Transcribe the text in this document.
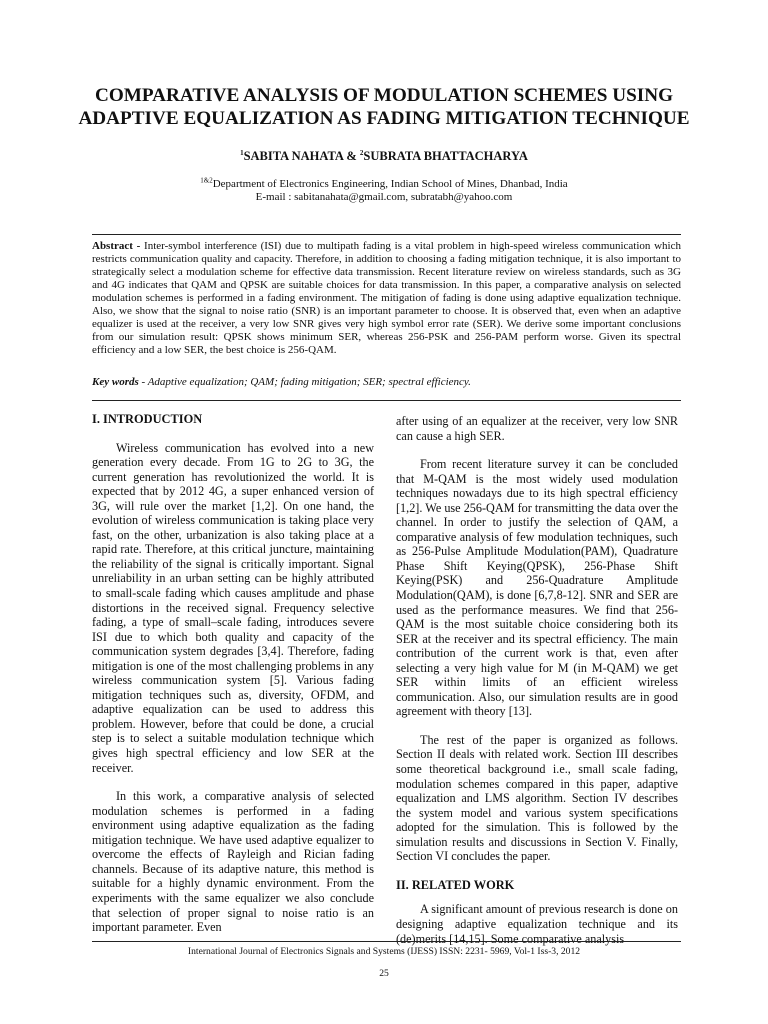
COMPARATIVE ANALYSIS OF MODULATION SCHEMES USING
ADAPTIVE EQUALIZATION AS FADING MITIGATION TECHNIQUE
$^1$SABITA NAHATA & $^2$SUBRATA BHATTACHARYA
$^{1\&2}$Department of Electronics Engineering, Indian School of Mines, Dhanbad, India
E-mail : sabitanahata@gmail.com, subratabh@yahoo.com
Abstract - Inter-symbol interference (ISI) due to multipath fading is a vital problem in high-speed wireless communication which restricts communication quality and capacity. Therefore, in addition to choosing a fading mitigation technique, it is also important to strategically select a modulation scheme for effective data transmission. Recent literature review on wireless standards, such as 3G and 4G indicates that QAM and QPSK are suitable choices for data transmission. In this paper, a comparative analysis on selected modulation schemes is performed in a fading environment. The mitigation of fading is done using adaptive equalization technique. Also, we show that the signal to noise ratio (SNR) is an important parameter to choose. It is observed that, even when an adaptive equalizer is used at the receiver, a very low SNR gives very high symbol error rate (SER). We derive some important conclusions from our simulation result: QPSK shows minimum SER, whereas 256-PSK and 256-PAM perform worse. Given its spectral efficiency and a low SER, the best choice is 256-QAM.
Key words - Adaptive equalization; QAM; fading mitigation; SER; spectral efficiency.

I. INTRODUCTION

Wireless communication has evolved into a new generation every decade. From 1G to 2G to 3G, the current generation has revolutionized the world. It is expected that by 2012 4G, a super enhanced version of 3G, will rule over the market [1,2]. On one hand, the evolution of wireless communication is taking place very fast, on the other, urbanization is also taking place at a rapid rate. Therefore, at this critical juncture, maintaining the reliability of the signal is critically important. Signal unreliability in an urban setting can be highly attributed to small-scale fading which causes amplitude and phase distortions in the received signal. Frequency selective fading, a type of small–scale fading, introduces severe ISI due to which both quality and capacity of the communication system degrades [3,4]. Therefore, fading mitigation is one of the most challenging problems in any wireless communication system [5]. Various fading mitigation techniques such as, diversity, OFDM, and adaptive equalization can be used to address this problem. However, before that could be done, a crucial step is to select a suitable modulation technique which gives high spectral efficiency and low SER at the receiver.

In this work, a comparative analysis of selected modulation schemes is performed in a fading environment using adaptive equalization as the fading mitigation technique. We have used adaptive equalizer to overcome the effects of Rayleigh and Rician fading channels. Because of its adaptive nature, this method is suitable for a highly dynamic environment. From the experiments with the same equalizer we also conclude that selection of proper signal to noise ratio is an important parameter. Even

after using of an equalizer at the receiver, very low SNR can cause a high SER.

From recent literature survey it can be concluded that M-QAM is the most widely used modulation techniques nowadays due to its high spectral efficiency [1,2]. We use 256-QAM for transmitting the data over the channel. In order to justify the selection of QAM, a comparative analysis of few modulation techniques, such as 256-Pulse Amplitude Modulation(PAM), Quadrature Phase Shift Keying(QPSK), 256-Phase Shift Keying(PSK) and 256-Quadrature Amplitude Modulation(QAM), is done [6,7,8-12]. SNR and SER are used as the performance measures. We find that 256-QAM is the most suitable choice considering both its SER at the receiver and its spectral efficiency. The main contribution of the current work is that, even after selecting a very high value for M (in M-QAM) we get SER within limits of an efficient wireless communication. Also, our simulation results are in good agreement with theory [13].

The rest of the paper is organized as follows. Section II deals with related work. Section III describes some theoretical background i.e., small scale fading, modulation schemes compared in this paper, adaptive equalization and LMS algorithm. Section IV describes the system model and various system specifications adopted for the simulation. This is followed by the simulation results and discussions in Section V. Finally, Section VI concludes the paper.

II. RELATED WORK

A significant amount of previous research is done on designing adaptive equalization technique and its (de)merits [14,15]. Some comparative analysis

International Journal of Electronics Signals and Systems (IJESS) ISSN: 2231- 5969, Vol-1 Iss-3, 2012
25
